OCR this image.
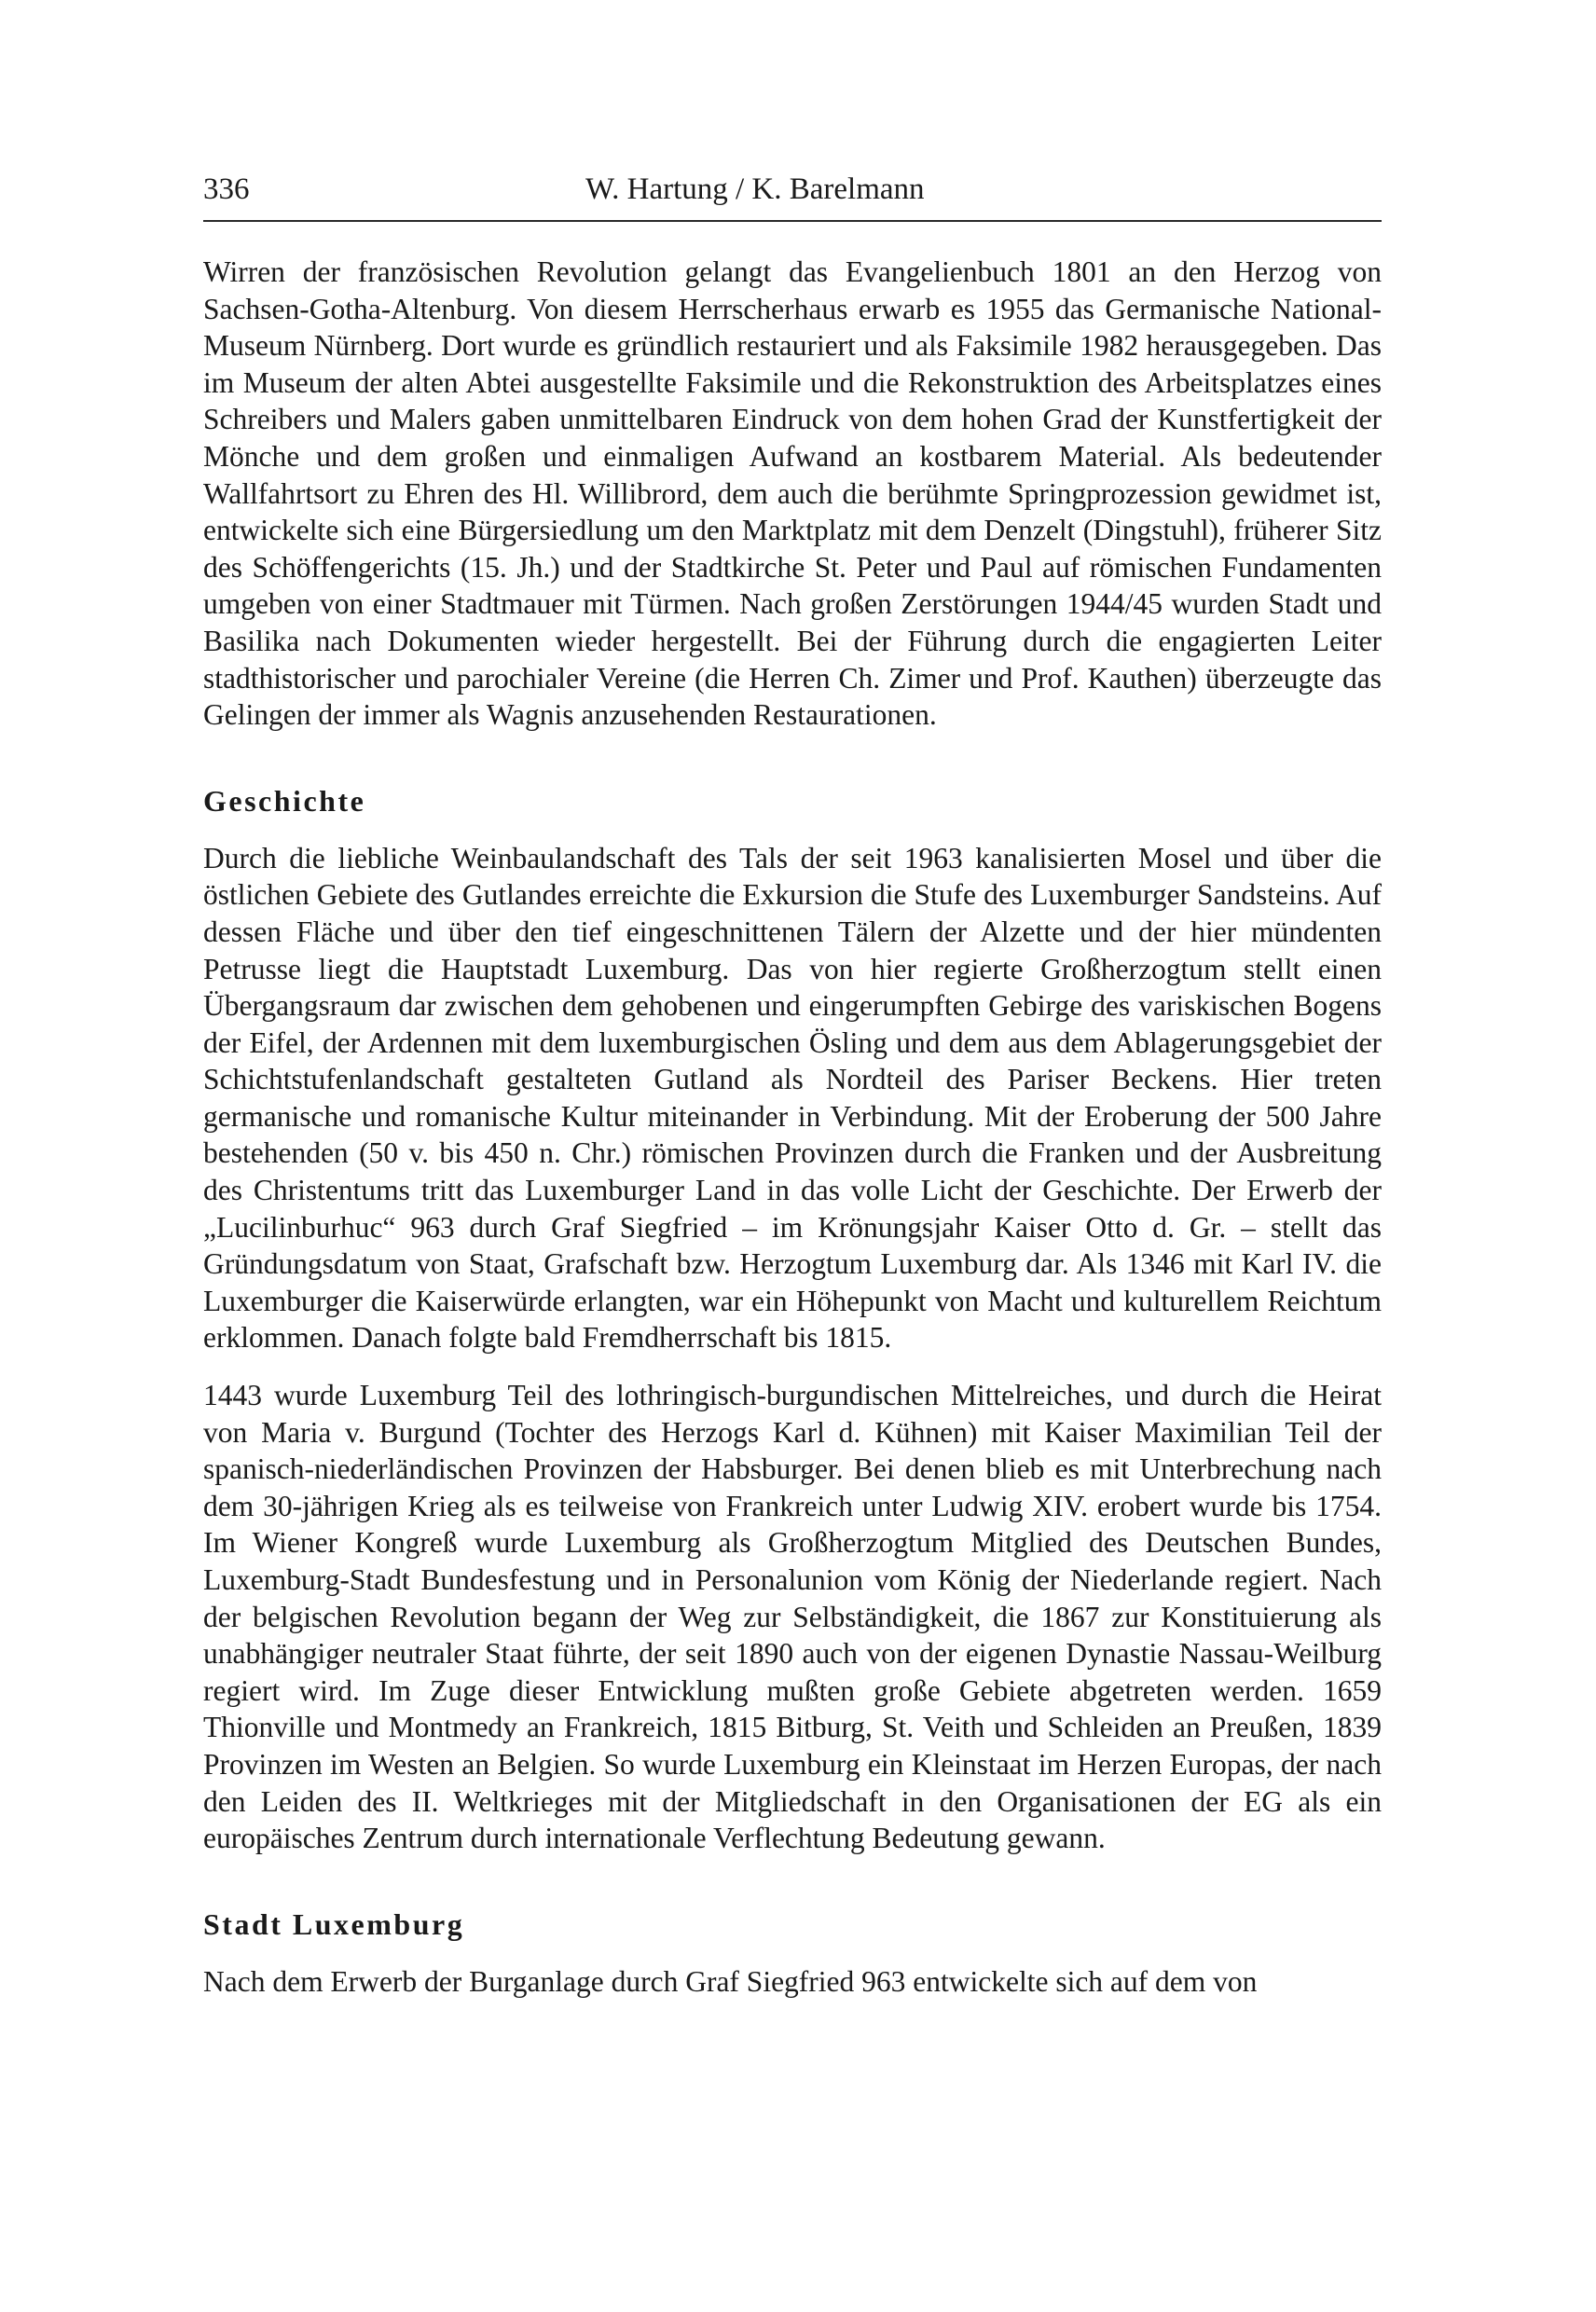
336	W. Hartung / K. Barelmann

Wirren der französischen Revolution gelangt das Evangelienbuch 1801 an den Herzog von Sachsen-Gotha-Altenburg. Von diesem Herrscherhaus erwarb es 1955 das Germanische National-Museum Nürnberg. Dort wurde es gründlich restauriert und als Faksimile 1982 herausgegeben. Das im Museum der alten Abtei ausgestellte Faksimile und die Rekonstruktion des Arbeitsplatzes eines Schreibers und Malers gaben unmittelbaren Eindruck von dem hohen Grad der Kunstfertigkeit der Mönche und dem großen und einmaligen Aufwand an kostbarem Material. Als bedeutender Wallfahrtsort zu Ehren des Hl. Willibrord, dem auch die berühmte Springprozession gewidmet ist, entwickelte sich eine Bürgersiedlung um den Marktplatz mit dem Denzelt (Dingstuhl), früherer Sitz des Schöffengerichts (15. Jh.) und der Stadtkirche St. Peter und Paul auf römischen Fundamenten umgeben von einer Stadtmauer mit Türmen. Nach großen Zerstörungen 1944/45 wurden Stadt und Basilika nach Dokumenten wieder hergestellt. Bei der Führung durch die engagierten Leiter stadthistorischer und parochialer Vereine (die Herren Ch. Zimer und Prof. Kauthen) überzeugte das Gelingen der immer als Wagnis anzusehenden Restaurationen.

Geschichte

Durch die liebliche Weinbaulandschaft des Tals der seit 1963 kanalisierten Mosel und über die östlichen Gebiete des Gutlandes erreichte die Exkursion die Stufe des Luxemburger Sandsteins. Auf dessen Fläche und über den tief eingeschnittenen Tälern der Alzette und der hier mündenten Petrusse liegt die Hauptstadt Luxemburg. Das von hier regierte Großherzogtum stellt einen Übergangsraum dar zwischen dem gehobenen und eingerumpften Gebirge des variskischen Bogens der Eifel, der Ardennen mit dem luxemburgischen Ösling und dem aus dem Ablagerungsgebiet der Schichtstufenlandschaft gestalteten Gutland als Nordteil des Pariser Beckens. Hier treten germanische und romanische Kultur miteinander in Verbindung. Mit der Eroberung der 500 Jahre bestehenden (50 v. bis 450 n. Chr.) römischen Provinzen durch die Franken und der Ausbreitung des Christentums tritt das Luxemburger Land in das volle Licht der Geschichte. Der Erwerb der „Lucilinburhuc“ 963 durch Graf Siegfried – im Krönungsjahr Kaiser Otto d. Gr. – stellt das Gründungsdatum von Staat, Grafschaft bzw. Herzogtum Luxemburg dar. Als 1346 mit Karl IV. die Luxemburger die Kaiserwürde erlangten, war ein Höhepunkt von Macht und kulturellem Reichtum erklommen. Danach folgte bald Fremdherrschaft bis 1815.

1443 wurde Luxemburg Teil des lothringisch-burgundischen Mittelreiches, und durch die Heirat von Maria v. Burgund (Tochter des Herzogs Karl d. Kühnen) mit Kaiser Maximilian Teil der spanisch-niederländischen Provinzen der Habsburger. Bei denen blieb es mit Unterbrechung nach dem 30-jährigen Krieg als es teilweise von Frankreich unter Ludwig XIV. erobert wurde bis 1754. Im Wiener Kongreß wurde Luxemburg als Großherzogtum Mitglied des Deutschen Bundes, Luxemburg-Stadt Bundesfestung und in Personalunion vom König der Niederlande regiert. Nach der belgischen Revolution begann der Weg zur Selbständigkeit, die 1867 zur Konstituierung als unabhängiger neutraler Staat führte, der seit 1890 auch von der eigenen Dynastie Nassau-Weilburg regiert wird. Im Zuge dieser Entwicklung mußten große Gebiete abgetreten werden. 1659 Thionville und Montmedy an Frankreich, 1815 Bitburg, St. Veith und Schleiden an Preußen, 1839 Provinzen im Westen an Belgien. So wurde Luxemburg ein Kleinstaat im Herzen Europas, der nach den Leiden des II. Weltkrieges mit der Mitgliedschaft in den Organisationen der EG als ein europäisches Zentrum durch internationale Verflechtung Bedeutung gewann.

Stadt Luxemburg

Nach dem Erwerb der Burganlage durch Graf Siegfried 963 entwickelte sich auf dem von
